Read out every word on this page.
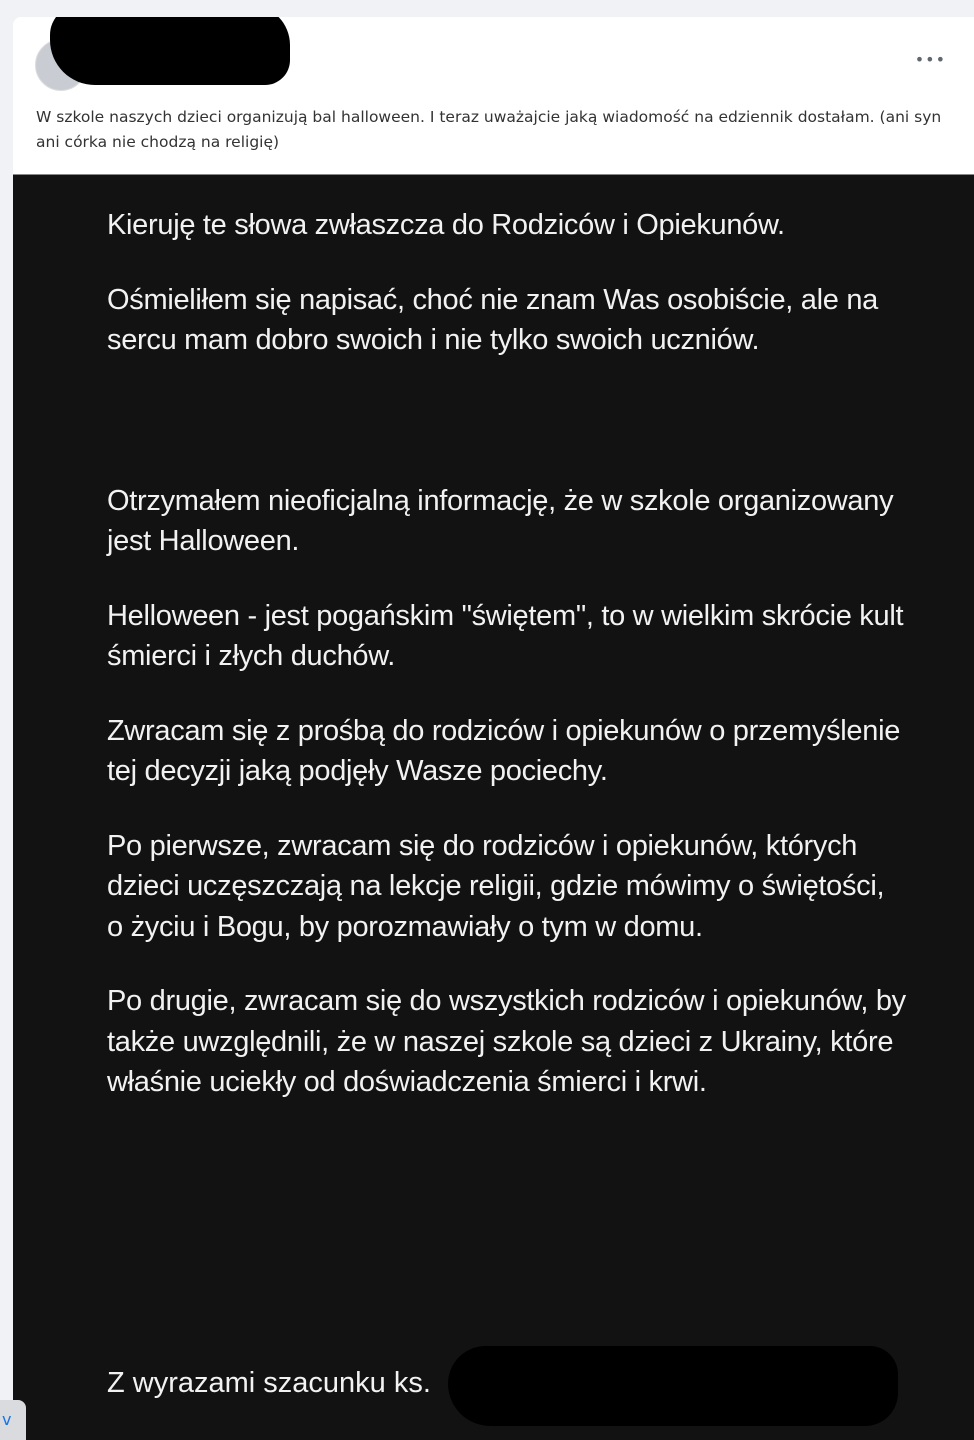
•••
W szkole naszych dzieci organizują bal halloween. I teraz uważajcie jaką wiadomość na edziennik dostałam. (ani syn ani córka nie chodzą na religię)

Kieruję te słowa zwłaszcza do Rodziców i Opiekunów.

Ośmieliłem się napisać, choć nie znam Was osobiście, ale na sercu mam dobro swoich i nie tylko swoich uczniów.

Otrzymałem nieoficjalną informację, że w szkole organizowany jest Halloween.

Helloween - jest pogańskim "świętem", to w wielkim skrócie kult śmierci i złych duchów.

Zwracam się z prośbą do rodziców i opiekunów o przemyślenie tej decyzji jaką podjęły Wasze pociechy.

Po pierwsze, zwracam się do rodziców i opiekunów, których dzieci uczęszczają na lekcje religii, gdzie mówimy o świętości, o życiu i Bogu, by porozmawiały o tym w domu.

Po drugie, zwracam się do wszystkich rodziców i opiekunów, by także uwzględnili, że w naszej szkole są dzieci z Ukrainy, które właśnie uciekły od doświadczenia śmierci i krwi.

Z wyrazami szacunku ks.
v
